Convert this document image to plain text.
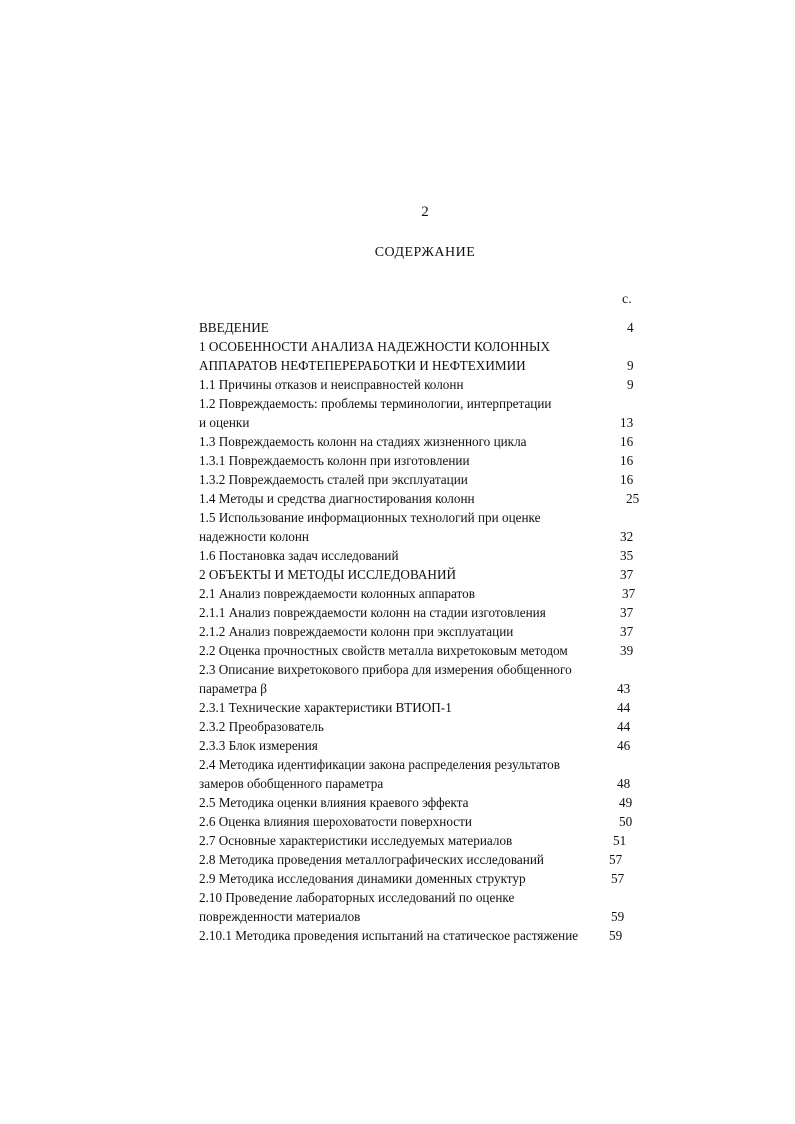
2
СОДЕРЖАНИЕ
с.
ВВЕДЕНИЕ	4
1 ОСОБЕННОСТИ АНАЛИЗА НАДЕЖНОСТИ КОЛОННЫХ
АППАРАТОВ НЕФТЕПЕРЕРАБОТКИ И НЕФТЕХИМИИ	9
1.1 Причины отказов и неисправностей колонн	9
1.2 Повреждаемость: проблемы терминологии, интерпретации
и оценки	13
1.3 Повреждаемость колонн на стадиях жизненного цикла	16
1.3.1 Повреждаемость колонн при изготовлении	16
1.3.2 Повреждаемость сталей при эксплуатации	16
1.4 Методы и средства диагностирования колонн	25
1.5 Использование информационных технологий при оценке
надежности колонн	32
1.6 Постановка задач исследований	35
2 ОБЪЕКТЫ И МЕТОДЫ ИССЛЕДОВАНИЙ	37
2.1 Анализ повреждаемости колонных аппаратов	37
2.1.1 Анализ повреждаемости колонн на стадии изготовления	37
2.1.2 Анализ повреждаемости колонн при эксплуатации	37
2.2 Оценка прочностных свойств металла вихретоковым методом	39
2.3 Описание вихретокового прибора для измерения обобщенного
параметра β	43
2.3.1 Технические характеристики ВТИОП-1	44
2.3.2 Преобразователь	44
2.3.3 Блок измерения	46
2.4 Методика идентификации закона распределения результатов
замеров обобщенного параметра	48
2.5 Методика оценки влияния краевого эффекта	49
2.6 Оценка влияния шероховатости поверхности	50
2.7 Основные характеристики исследуемых материалов	51
2.8 Методика проведения металлографических исследований	57
2.9 Методика исследования динамики доменных структур	57
2.10 Проведение лабораторных исследований по оценке
поврежденности материалов	59
2.10.1 Методика проведения испытаний на статическое растяжение 59
